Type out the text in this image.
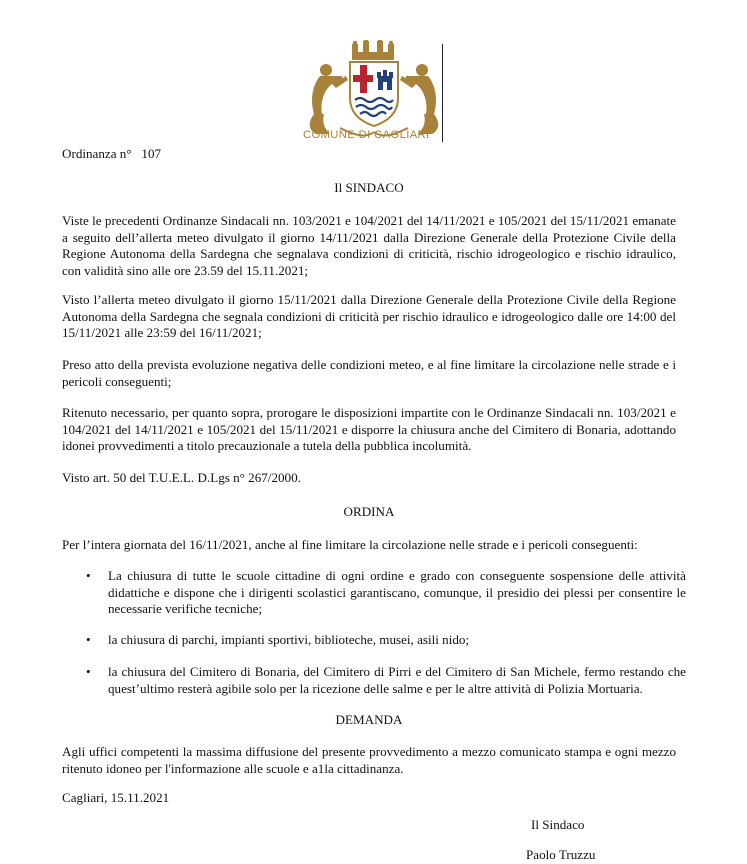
COMUNE DI CAGLIARI
Ordinanza n° 107
Il SINDACO
Viste le precedenti Ordinanze Sindacali nn. 103/2021 e 104/2021 del 14/11/2021 e 105/2021 del 15/11/2021 emanate a seguito dell’allerta meteo divulgato il giorno 14/11/2021 dalla Direzione Generale della Protezione Civile della Regione Autonoma della Sardegna che segnalava condizioni di criticità, rischio idrogeologico e rischio idraulico, con validità sino alle ore 23.59 del 15.11.2021;
Visto l’allerta meteo divulgato il giorno 15/11/2021 dalla Direzione Generale della Protezione Civile della Regione Autonoma della Sardegna che segnala condizioni di criticità per rischio idraulico e idrogeologico dalle ore 14:00 del 15/11/2021 alle 23:59 del 16/11/2021;
Preso atto della prevista evoluzione negativa delle condizioni meteo, e al fine limitare la circolazione nelle strade e i pericoli conseguenti;
Ritenuto necessario, per quanto sopra, prorogare le disposizioni impartite con le Ordinanze Sindacali nn. 103/2021 e 104/2021 del 14/11/2021 e 105/2021 del 15/11/2021 e disporre la chiusura anche del Cimitero di Bonaria, adottando idonei provvedimenti a titolo precauzionale a tutela della pubblica incolumità.
Visto art. 50 del T.U.E.L. D.Lgs n° 267/2000.
ORDINA
Per l’intera giornata del 16/11/2021, anche al fine limitare la circolazione nelle strade e i pericoli conseguenti:
• La chiusura di tutte le scuole cittadine di ogni ordine e grado con conseguente sospensione delle attività didattiche e dispone che i dirigenti scolastici garantiscano, comunque, il presidio dei plessi per consentire le necessarie verifiche tecniche;
• la chiusura di parchi, impianti sportivi, biblioteche, musei, asili nido;
• la chiusura del Cimitero di Bonaria, del Cimitero di Pirri e del Cimitero di San Michele, fermo restando che quest’ultimo resterà agibile solo per la ricezione delle salme e per le altre attività di Polizia Mortuaria.
DEMANDA
Agli uffici competenti la massima diffusione del presente provvedimento a mezzo comunicato stampa e ogni mezzo ritenuto idoneo per l'informazione alle scuole e a1la cittadinanza.
Cagliari, 15.11.2021
Il Sindaco
Paolo Truzzu
